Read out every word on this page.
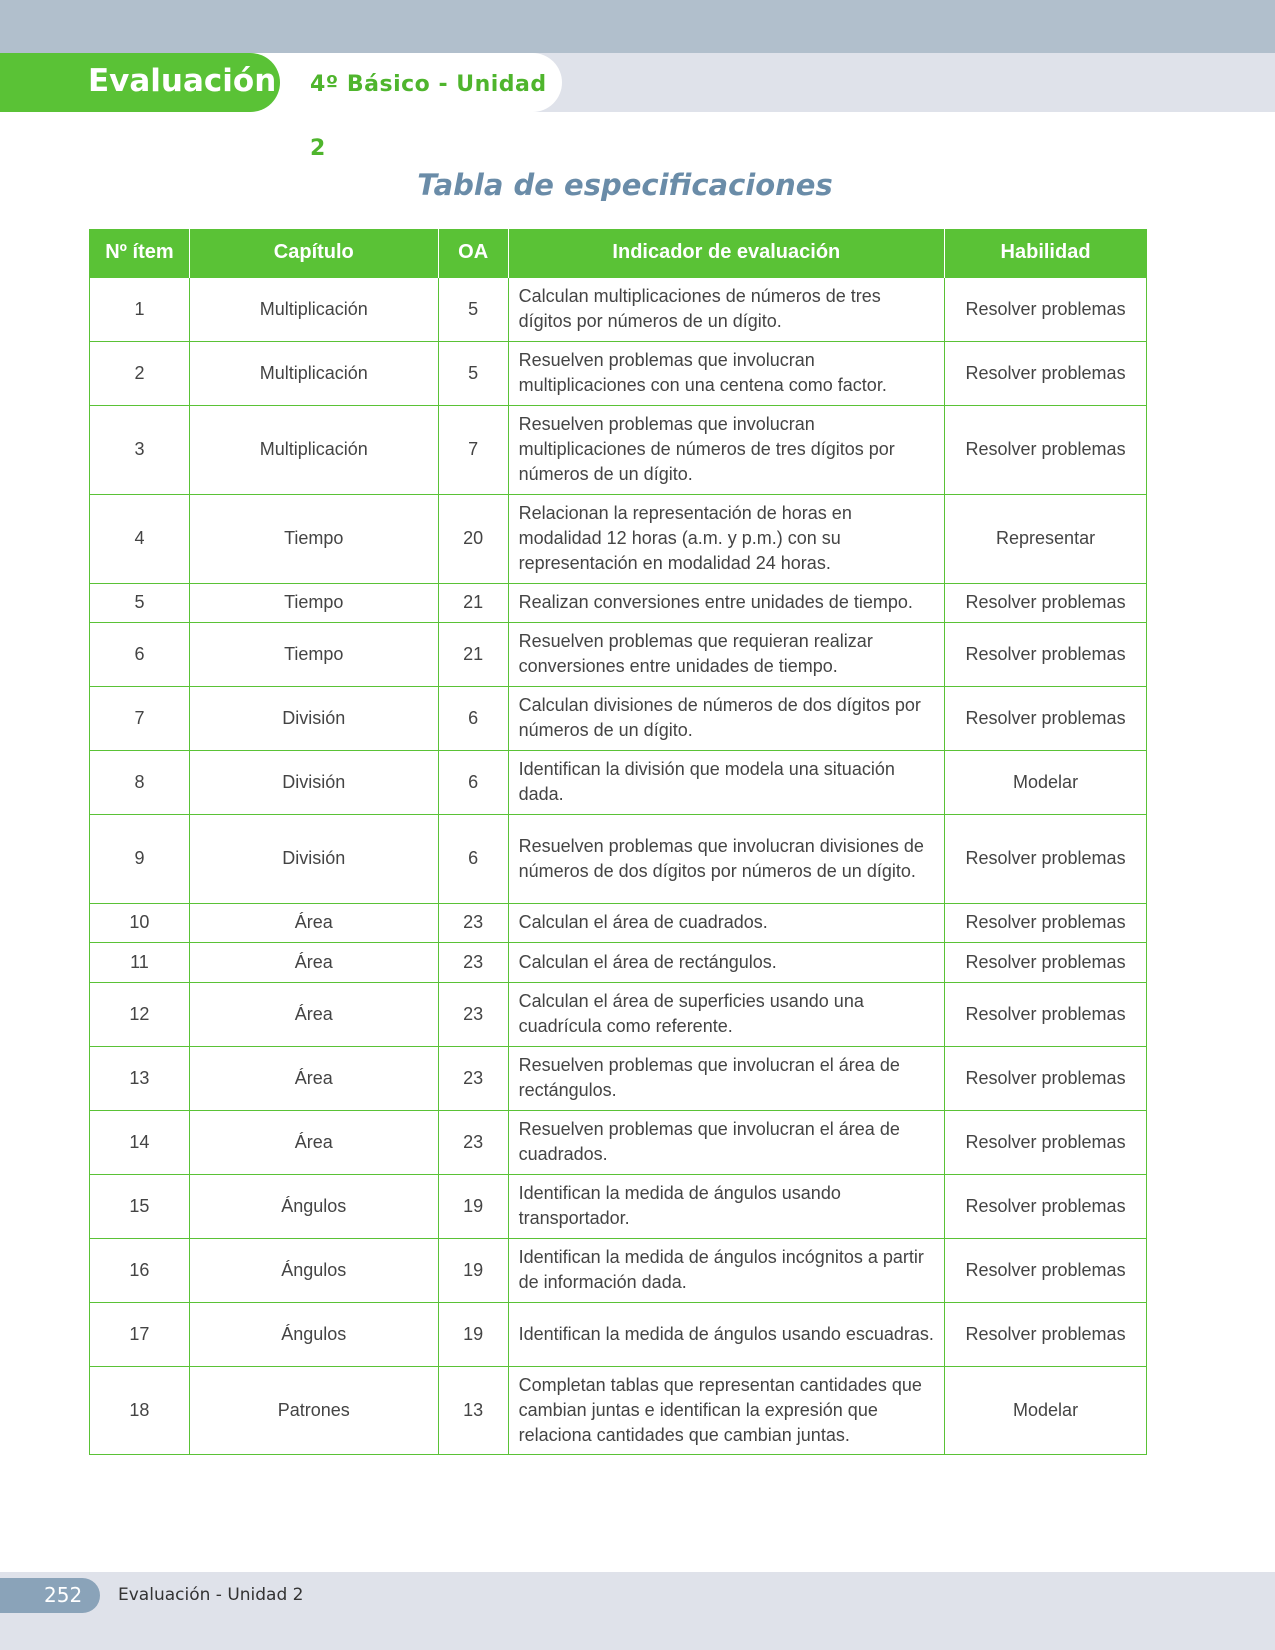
4º Básico - Unidad 2
Evaluación
Tabla de especificaciones
Nº ítem	Capítulo	OA	Indicador de evaluación	Habilidad
1	Multiplicación	5	Calculan multiplicaciones de números de tres dígitos por números de un dígito.	Resolver problemas
2	Multiplicación	5	Resuelven problemas que involucran multiplicaciones con una centena como factor.	Resolver problemas
3	Multiplicación	7	Resuelven problemas que involucran multiplicaciones de números de tres dígitos por números de un dígito.	Resolver problemas
4	Tiempo	20	Relacionan la representación de horas en modalidad 12 horas (a.m. y p.m.) con su representación en modalidad 24 horas.	Representar
5	Tiempo	21	Realizan conversiones entre unidades de tiempo.	Resolver problemas
6	Tiempo	21	Resuelven problemas que requieran realizar conversiones entre unidades de tiempo.	Resolver problemas
7	División	6	Calculan divisiones de números de dos dígitos por números de un dígito.	Resolver problemas
8	División	6	Identifican la división que modela una situación dada.	Modelar
9	División	6	Resuelven problemas que involucran divisiones de números de dos dígitos por números de un dígito.	Resolver problemas
10	Área	23	Calculan el área de cuadrados.	Resolver problemas
11	Área	23	Calculan el área de rectángulos.	Resolver problemas
12	Área	23	Calculan el área de superficies usando una cuadrícula como referente.	Resolver problemas
13	Área	23	Resuelven problemas que involucran el área de rectángulos.	Resolver problemas
14	Área	23	Resuelven problemas que involucran el área de cuadrados.	Resolver problemas
15	Ángulos	19	Identifican la medida de ángulos usando transportador.	Resolver problemas
16	Ángulos	19	Identifican la medida de ángulos incógnitos a partir de información dada.	Resolver problemas
17	Ángulos	19	Identifican la medida de ángulos usando escuadras.	Resolver problemas
18	Patrones	13	Completan tablas que representan cantidades que cambian juntas e identifican la expresión que relaciona cantidades que cambian juntas.	Modelar
252	Evaluación - Unidad 2
